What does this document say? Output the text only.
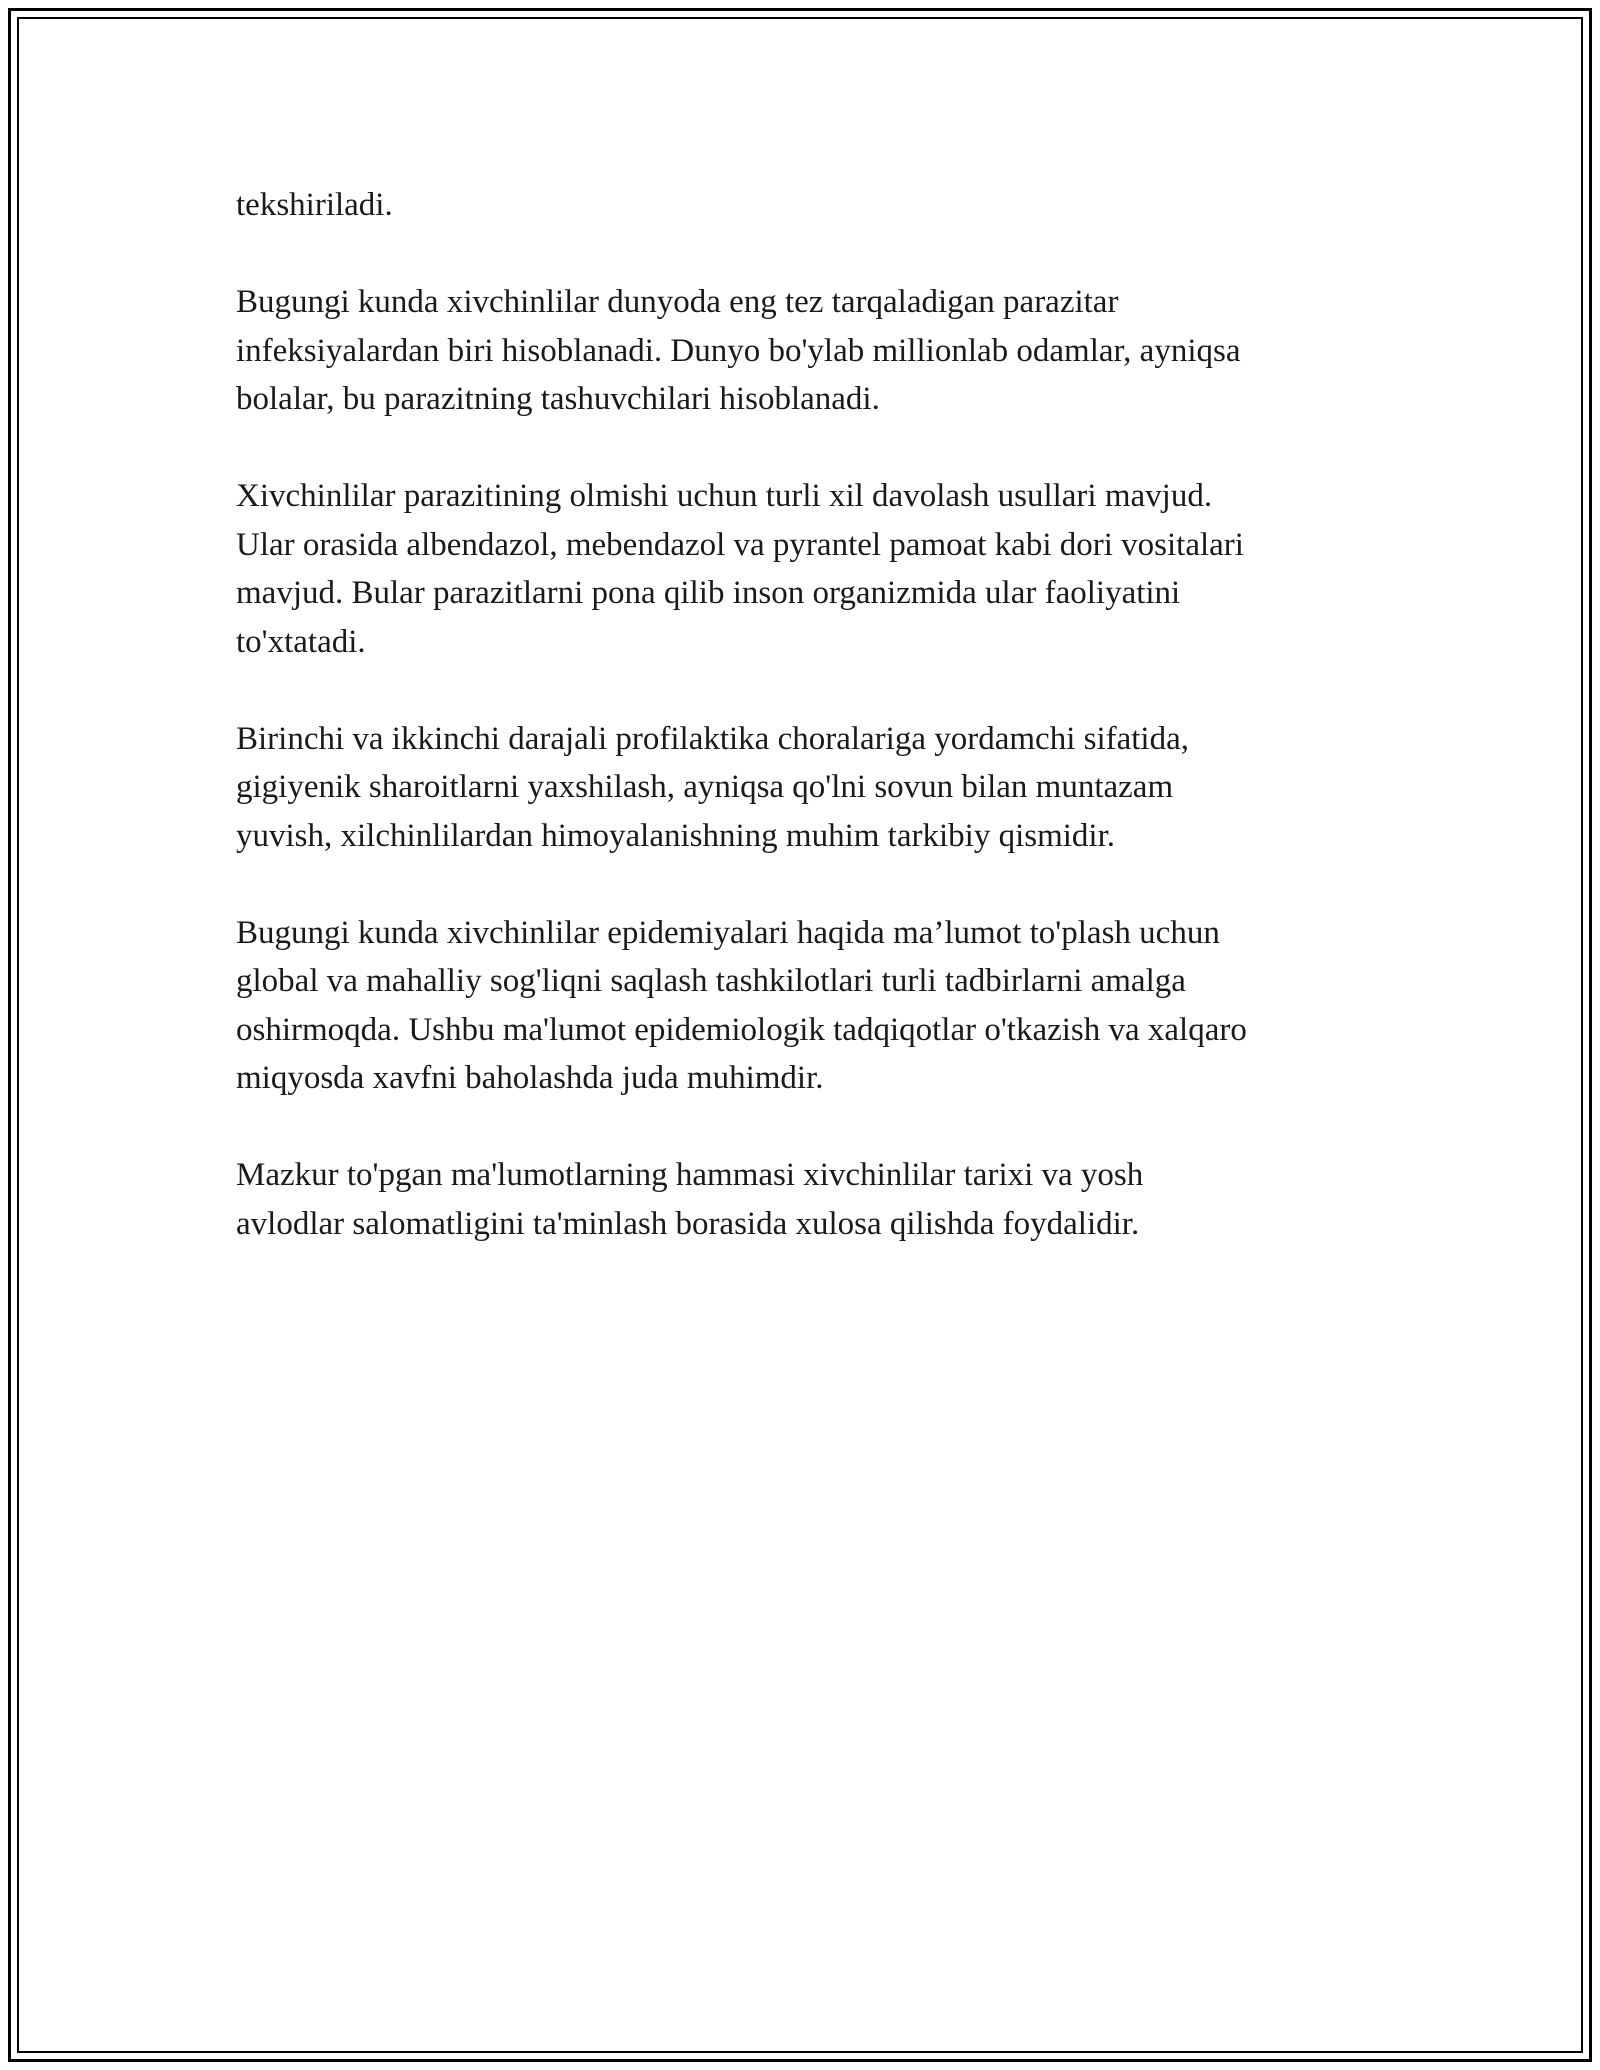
tekshiriladi.

Bugungi kunda xivchinlilar dunyoda eng tez tarqaladigan parazitar
infeksiyalardan biri hisoblanadi. Dunyo bo'ylab millionlab odamlar, ayniqsa
bolalar, bu parazitning tashuvchilari hisoblanadi.

Xivchinlilar parazitining olmishi uchun turli xil davolash usullari mavjud.
Ular orasida albendazol, mebendazol va pyrantel pamoat kabi dori vositalari
mavjud. Bular parazitlarni pona qilib inson organizmida ular faoliyatini
to'xtatadi.

Birinchi va ikkinchi darajali profilaktika choralariga yordamchi sifatida,
gigiyenik sharoitlarni yaxshilash, ayniqsa qo'lni sovun bilan muntazam
yuvish, xilchinlilardan himoyalanishning muhim tarkibiy qismidir.

Bugungi kunda xivchinlilar epidemiyalari haqida ma’lumot to'plash uchun
global va mahalliy sog'liqni saqlash tashkilotlari turli tadbirlarni amalga
oshirmoqda. Ushbu ma'lumot epidemiologik tadqiqotlar o'tkazish va xalqaro
miqyosda xavfni baholashda juda muhimdir.

Mazkur to'pgan ma'lumotlarning hammasi xivchinlilar tarixi va yosh
avlodlar salomatligini ta'minlash borasida xulosa qilishda foydalidir.
